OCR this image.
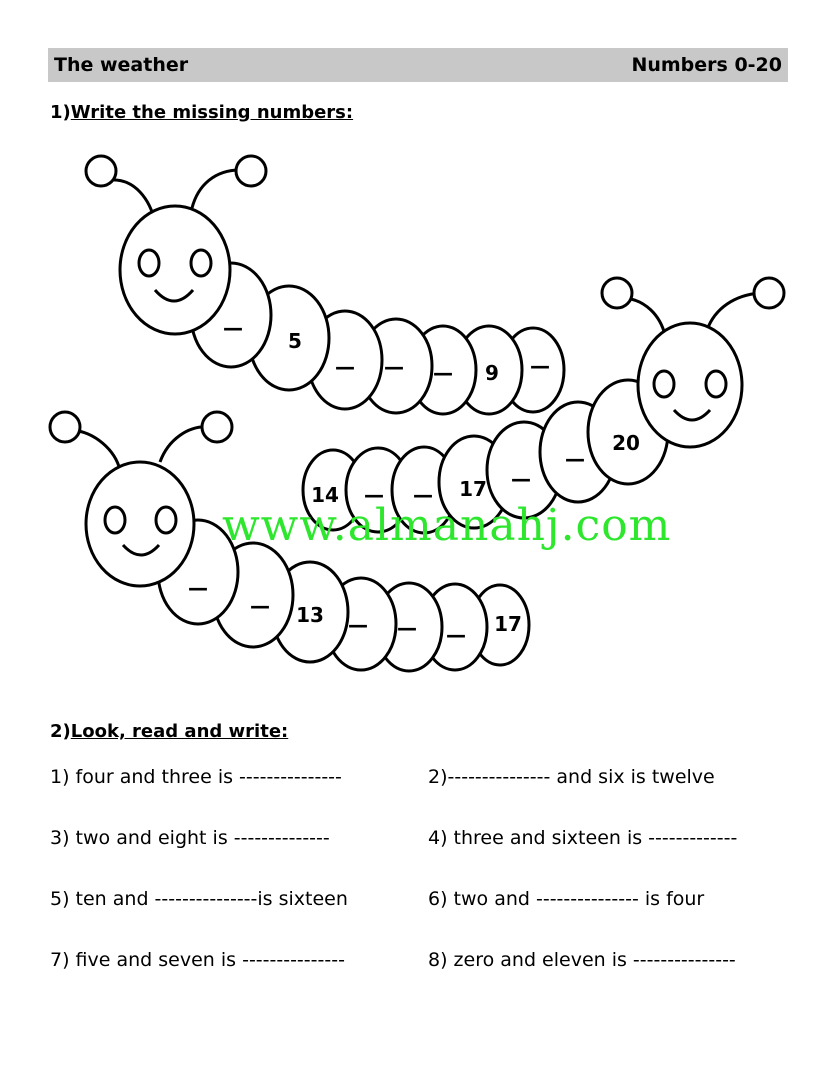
The weather	Numbers 0-20
1)Write the missing numbers:
—
5
— — — 9 —
14 — — 17 —
—
20
—
— 13 — — — 17
www.almanahj.com
2)Look, read and write:
1) four and three is ---------------	2)--------------- and six is twelve
3) two and eight is --------------	4) three and sixteen is -------------
5) ten and ---------------is sixteen	6) two and --------------- is four
7) five and seven is ---------------	8) zero and eleven is ---------------
